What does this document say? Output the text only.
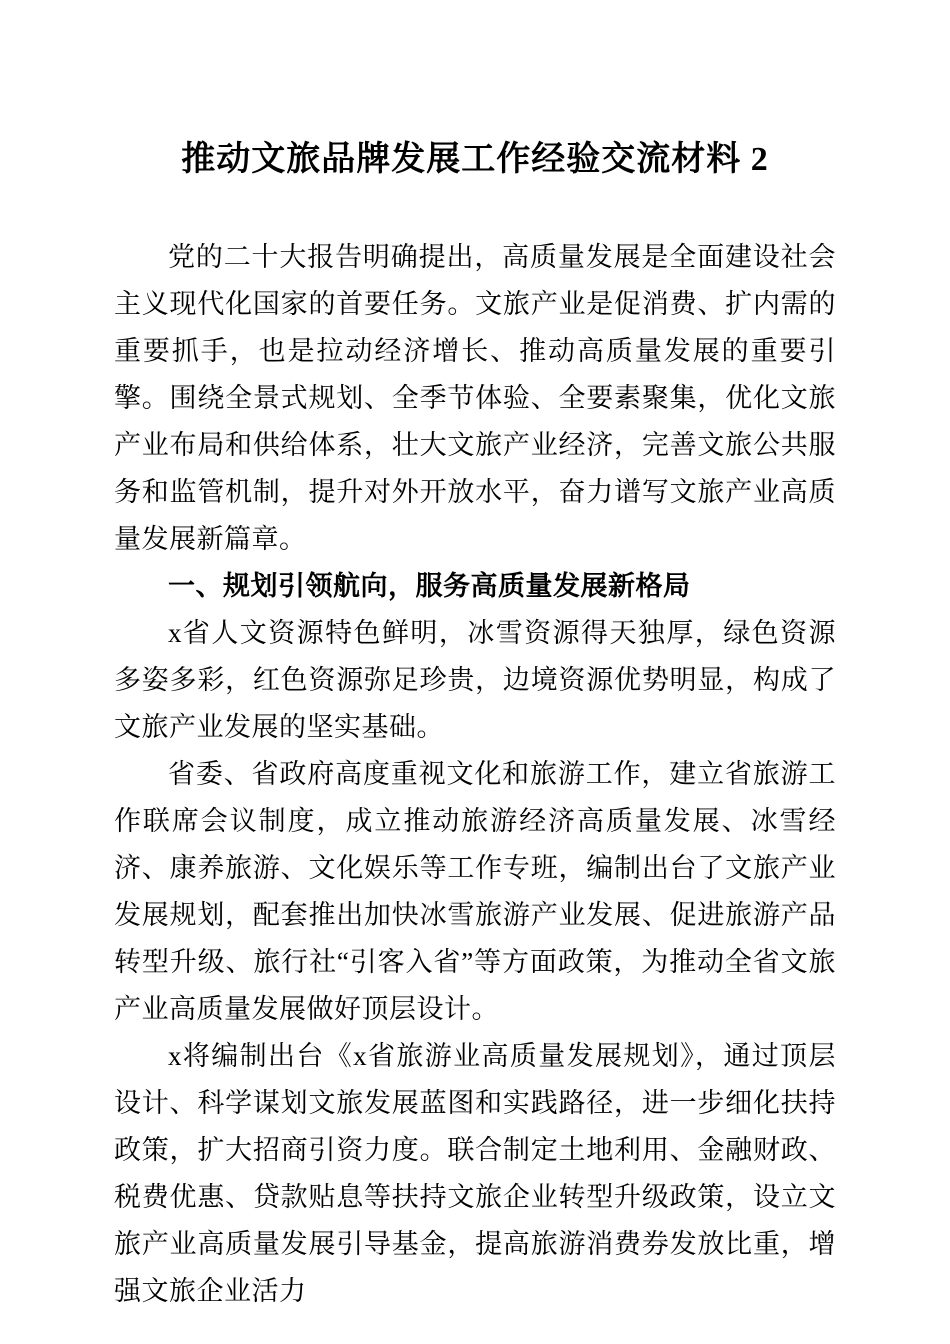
推动文旅品牌发展工作经验交流材料 2

党的二十大报告明确提出，高质量发展是全面建设社会主义现代化国家的首要任务。文旅产业是促消费、扩内需的重要抓手，也是拉动经济增长、推动高质量发展的重要引擎。围绕全景式规划、全季节体验、全要素聚集，优化文旅产业布局和供给体系，壮大文旅产业经济，完善文旅公共服务和监管机制，提升对外开放水平，奋力谱写文旅产业高质量发展新篇章。

一、规划引领航向，服务高质量发展新格局

x省人文资源特色鲜明，冰雪资源得天独厚，绿色资源多姿多彩，红色资源弥足珍贵，边境资源优势明显，构成了文旅产业发展的坚实基础。

省委、省政府高度重视文化和旅游工作，建立省旅游工作联席会议制度，成立推动旅游经济高质量发展、冰雪经济、康养旅游、文化娱乐等工作专班，编制出台了文旅产业发展规划，配套推出加快冰雪旅游产业发展、促进旅游产品转型升级、旅行社“引客入省”等方面政策，为推动全省文旅产业高质量发展做好顶层设计。

x将编制出台《x省旅游业高质量发展规划》，通过顶层设计、科学谋划文旅发展蓝图和实践路径，进一步细化扶持政策，扩大招商引资力度。联合制定土地利用、金融财政、税费优惠、贷款贴息等扶持文旅企业转型升级政策，设立文旅产业高质量发展引导基金，提高旅游消费券发放比重，增强文旅企业活力
